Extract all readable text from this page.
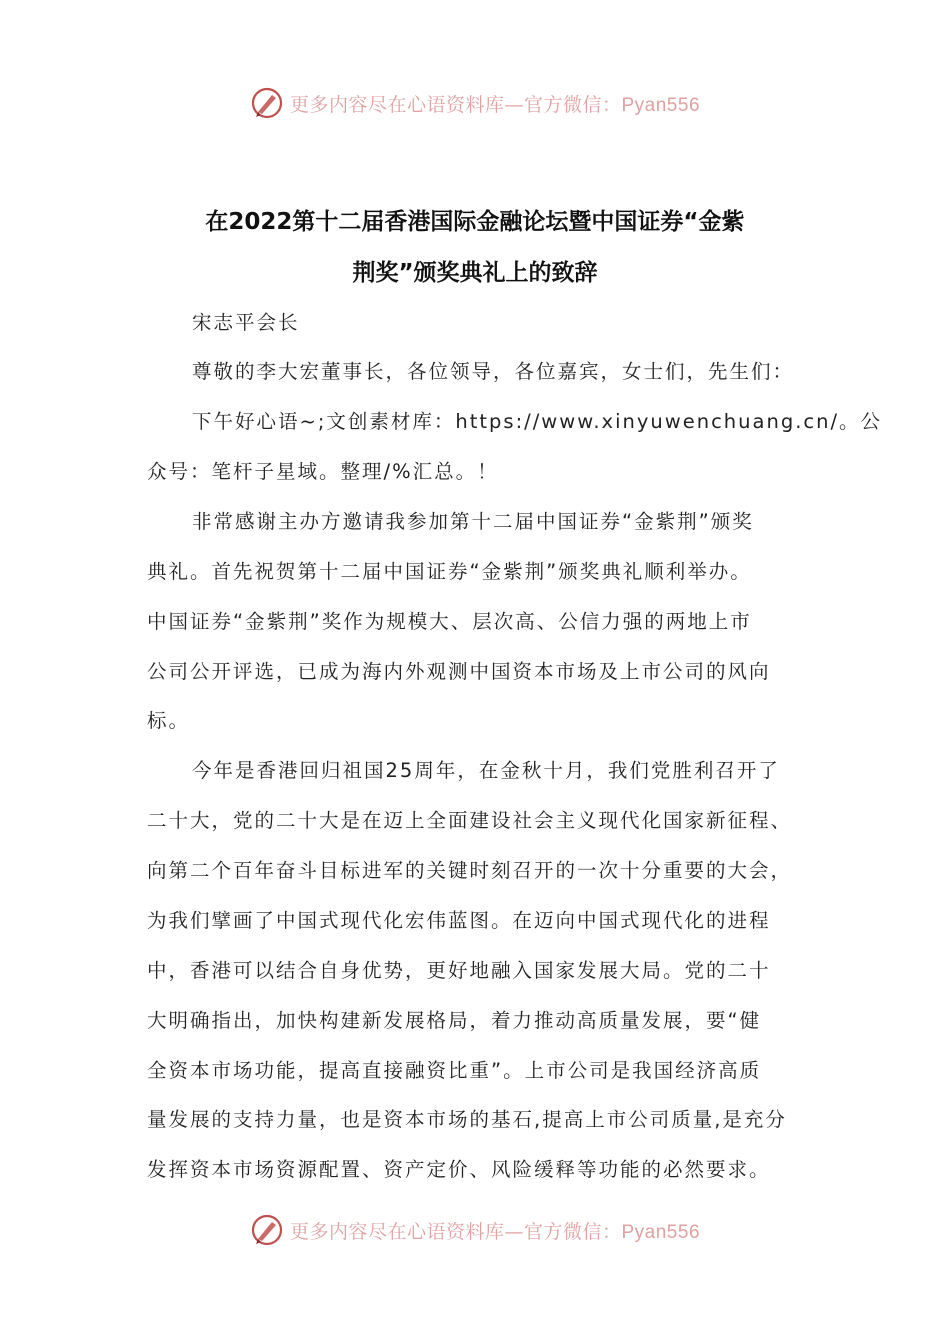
更多内容尽在心语资料库—官方微信：Pyan556
在2022第十二届香港国际金融论坛暨中国证券“金紫
荆奖”颁奖典礼上的致辞
宋志平会长
尊敬的李大宏董事长，各位领导，各位嘉宾，女士们，先生们：
下午好心语~;文创素材库：https://www.xinyuwenchuang.cn/。公
众号：笔杆子星域。整理/%汇总。！
非常感谢主办方邀请我参加第十二届中国证券“金紫荆”颁奖
典礼。首先祝贺第十二届中国证券“金紫荆”颁奖典礼顺利举办。
中国证券“金紫荆”奖作为规模大、层次高、公信力强的两地上市
公司公开评选，已成为海内外观测中国资本市场及上市公司的风向
标。
今年是香港回归祖国25周年，在金秋十月，我们党胜利召开了
二十大，党的二十大是在迈上全面建设社会主义现代化国家新征程、
向第二个百年奋斗目标进军的关键时刻召开的一次十分重要的大会，
为我们擘画了中国式现代化宏伟蓝图。在迈向中国式现代化的进程
中，香港可以结合自身优势，更好地融入国家发展大局。党的二十
大明确指出，加快构建新发展格局，着力推动高质量发展，要“健
全资本市场功能，提高直接融资比重”。上市公司是我国经济高质
量发展的支持力量，也是资本市场的基石,提高上市公司质量,是充分
发挥资本市场资源配置、资产定价、风险缓释等功能的必然要求。
更多内容尽在心语资料库—官方微信：Pyan556
